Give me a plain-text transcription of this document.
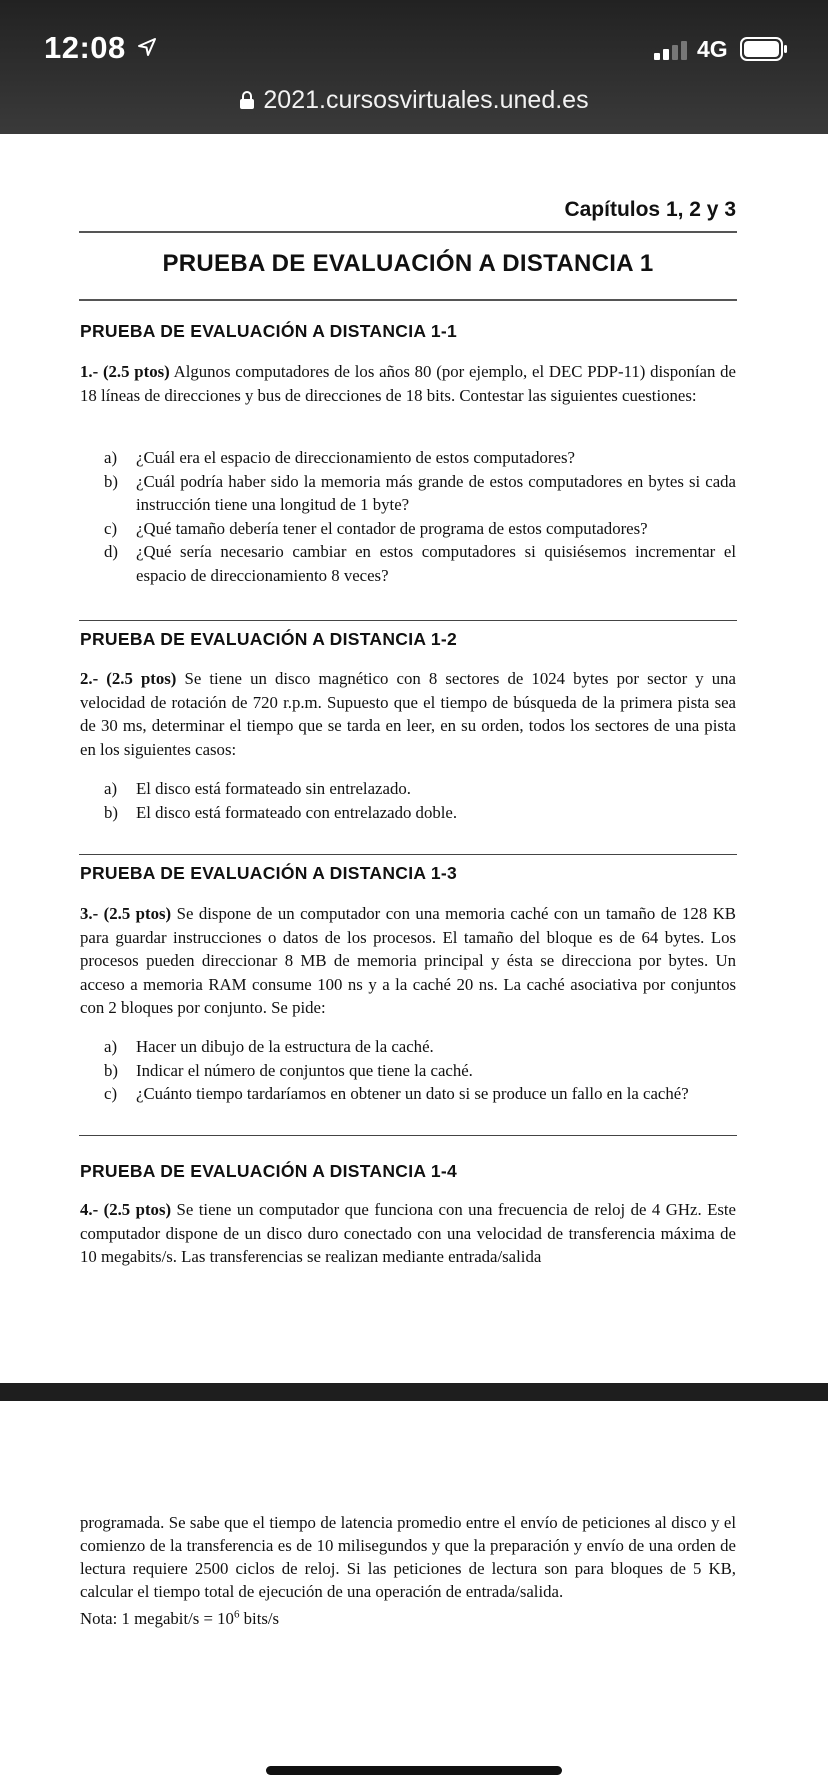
12:08	4G
2021.cursosvirtuales.uned.es
Capítulos 1, 2 y 3
PRUEBA DE EVALUACIÓN A DISTANCIA 1
PRUEBA DE EVALUACIÓN A DISTANCIA 1-1
1.- (2.5 ptos) Algunos computadores de los años 80 (por ejemplo, el DEC PDP-11) disponían de 18 líneas de direcciones y bus de direcciones de 18 bits. Contestar las siguientes cuestiones:
a) ¿Cuál era el espacio de direccionamiento de estos computadores?
b) ¿Cuál podría haber sido la memoria más grande de estos computadores en bytes si cada instrucción tiene una longitud de 1 byte?
c) ¿Qué tamaño debería tener el contador de programa de estos computadores?
d) ¿Qué sería necesario cambiar en estos computadores si quisiésemos incrementar el espacio de direccionamiento 8 veces?
PRUEBA DE EVALUACIÓN A DISTANCIA 1-2
2.- (2.5 ptos) Se tiene un disco magnético con 8 sectores de 1024 bytes por sector y una velocidad de rotación de 720 r.p.m. Supuesto que el tiempo de búsqueda de la primera pista sea de 30 ms, determinar el tiempo que se tarda en leer, en su orden, todos los sectores de una pista en los siguientes casos:
a) El disco está formateado sin entrelazado.
b) El disco está formateado con entrelazado doble.
PRUEBA DE EVALUACIÓN A DISTANCIA 1-3
3.- (2.5 ptos) Se dispone de un computador con una memoria caché con un tamaño de 128 KB para guardar instrucciones o datos de los procesos. El tamaño del bloque es de 64 bytes. Los procesos pueden direccionar 8 MB de memoria principal y ésta se direcciona por bytes. Un acceso a memoria RAM consume 100 ns y a la caché 20 ns. La caché asociativa por conjuntos con 2 bloques por conjunto. Se pide:
a) Hacer un dibujo de la estructura de la caché.
b) Indicar el número de conjuntos que tiene la caché.
c) ¿Cuánto tiempo tardaríamos en obtener un dato si se produce un fallo en la caché?
PRUEBA DE EVALUACIÓN A DISTANCIA 1-4
4.- (2.5 ptos) Se tiene un computador que funciona con una frecuencia de reloj de 4 GHz. Este computador dispone de un disco duro conectado con una velocidad de transferencia máxima de 10 megabits/s. Las transferencias se realizan mediante entrada/salida
programada. Se sabe que el tiempo de latencia promedio entre el envío de peticiones al disco y el comienzo de la transferencia es de 10 milisegundos y que la preparación y envío de una orden de lectura requiere 2500 ciclos de reloj. Si las peticiones de lectura son para bloques de 5 KB, calcular el tiempo total de ejecución de una operación de entrada/salida.
Nota: 1 megabit/s = $10^6$ bits/s
